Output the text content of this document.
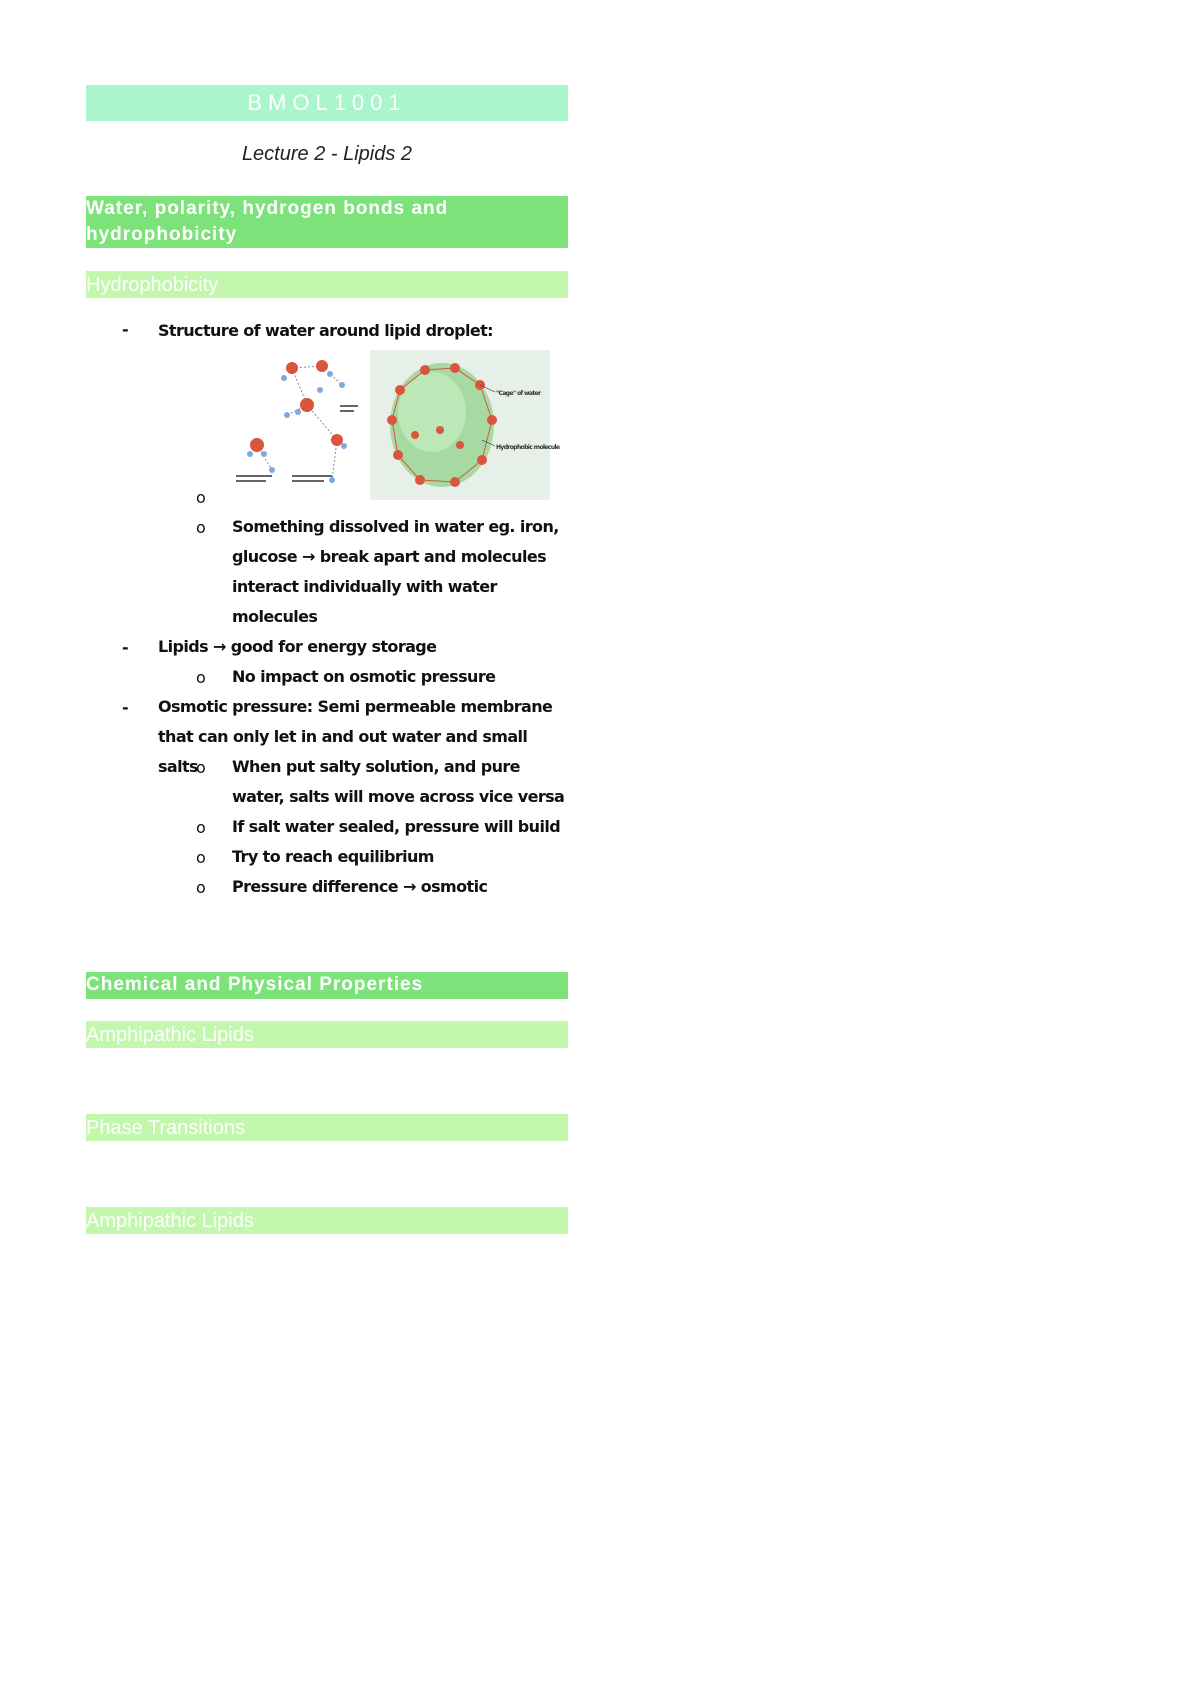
BMOL1001
Lecture 2 - Lipids 2
Water, polarity, hydrogen bonds and hydrophobicity
Hydrophobicity
- Structure of water around lipid droplet:
"Cage" of water
Hydrophobic molecule
o
o Something dissolved in water eg. iron, glucose → break apart and molecules interact individually with water molecules
- Lipids → good for energy storage
o No impact on osmotic pressure
- Osmotic pressure: Semi permeable membrane that can only let in and out water and small salts
o When put salty solution, and pure water, salts will move across vice versa
o If salt water sealed, pressure will build
o Try to reach equilibrium
o Pressure difference → osmotic
Chemical and Physical Properties
Amphipathic Lipids
Phase Transitions
Amphipathic Lipids
